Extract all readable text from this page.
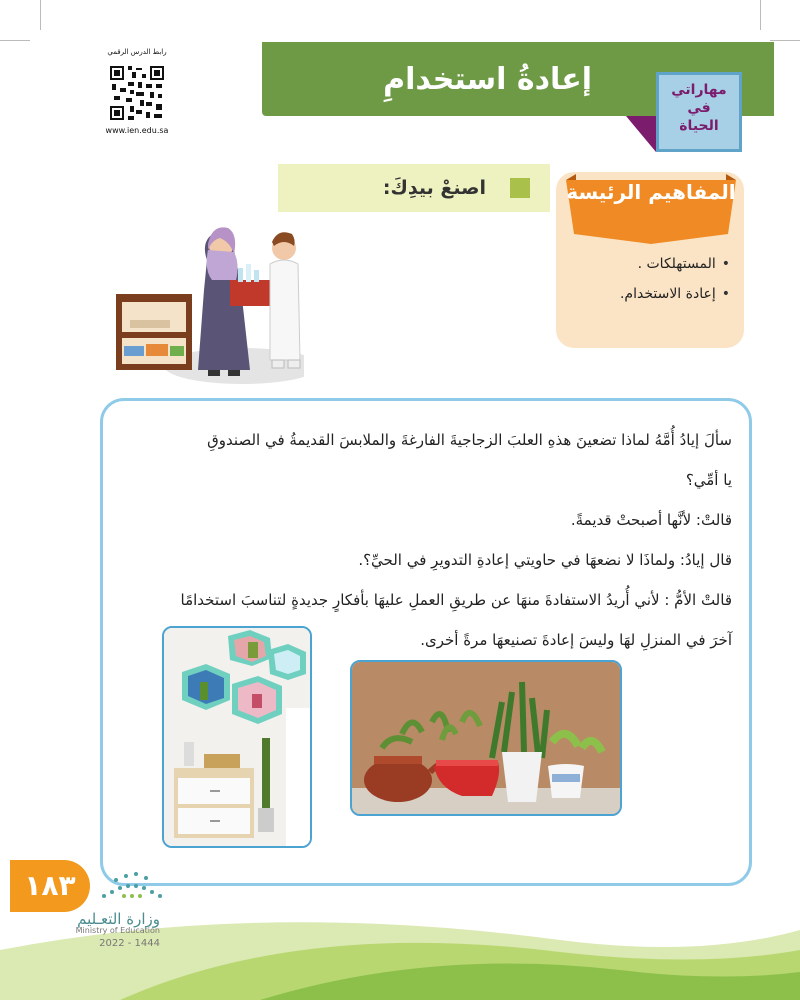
إعادةُ استخدامِ المستهلكات
مهاراتي
في
الحياة
رابط الدرس الرقمي
www.ien.edu.sa
اصنعْ بيدِكَ:	المفاهيم الرئيسة
• المستهلكات .
• إعادة الاستخدام.

سألَ إيادُ أُمَّهُ لماذا تضعينَ هذهِ العلبَ الزجاجيةَ الفارغةَ والملابسَ القديمةُ في الصندوقِ

يا أمِّي؟

قالتْ: لأنَّها أصبحتْ قديمةً.

قال إيادُ: ولماذَا لا نضعهَا في حاويتي إعادةِ التدويرِ في الحيِّ؟.

قالتْ الأمُّ : لأني أُريدُ الاستفادةَ منهَا عن طريقِ العملِ عليهَا بأفكارٍ جديدةٍ لتناسبَ استخدامًا

آخرَ في المنزلِ لهَا وليسَ إعادةَ تصنيعهَا مرةً أخرى.

١٨٣
وزارة التعـليم
Ministry of Education
2022 - 1444
